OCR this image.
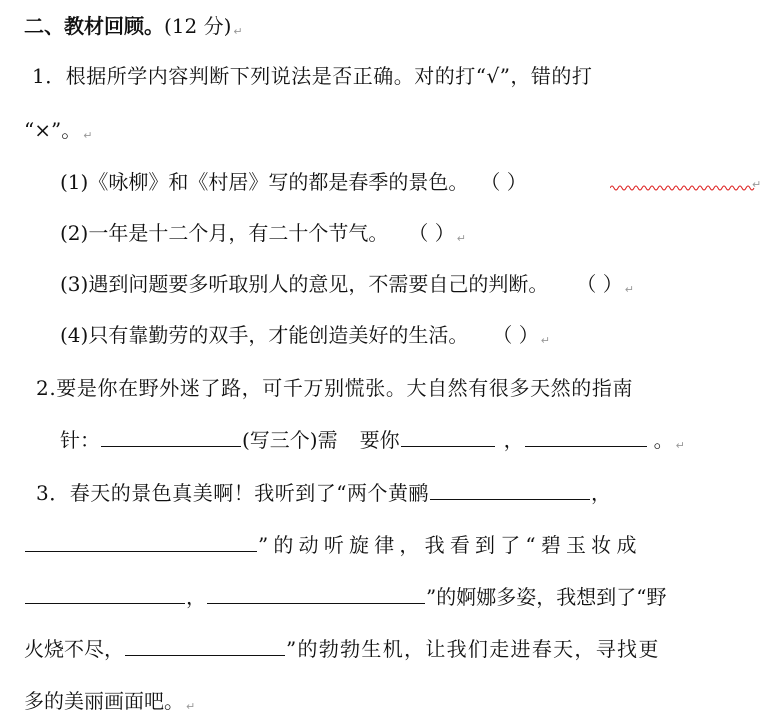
二、教材回顾。(12 分) ↵
1．根据所学内容判断下列说法是否正确。对的打“√”，错的打
“×”。 ↵
(1)《咏柳》和《村居》写的都是春季的景色。 （ ）	↵
(2)一年是十二个月，有二十个节气。 （ ） ↵
(3)遇到问题要多听取别人的意见，不需要自己的判断。 （ ） ↵
(4)只有靠勤劳的双手，才能创造美好的生活。 （ ） ↵
2.要是你在野外迷了路，可千万别慌张。大自然有很多天然的指南
针：	(写三个)需 要你	，	。 ↵
3．春天的景色真美啊！我听到了“两个黄鹂	，
”的动听旋律，我看到了“碧玉妆成
，	”的婀娜多姿，我想到了“野
火烧不尽，	”的勃勃生机，让我们走进春天，寻找更
多的美丽画面吧。 ↵
